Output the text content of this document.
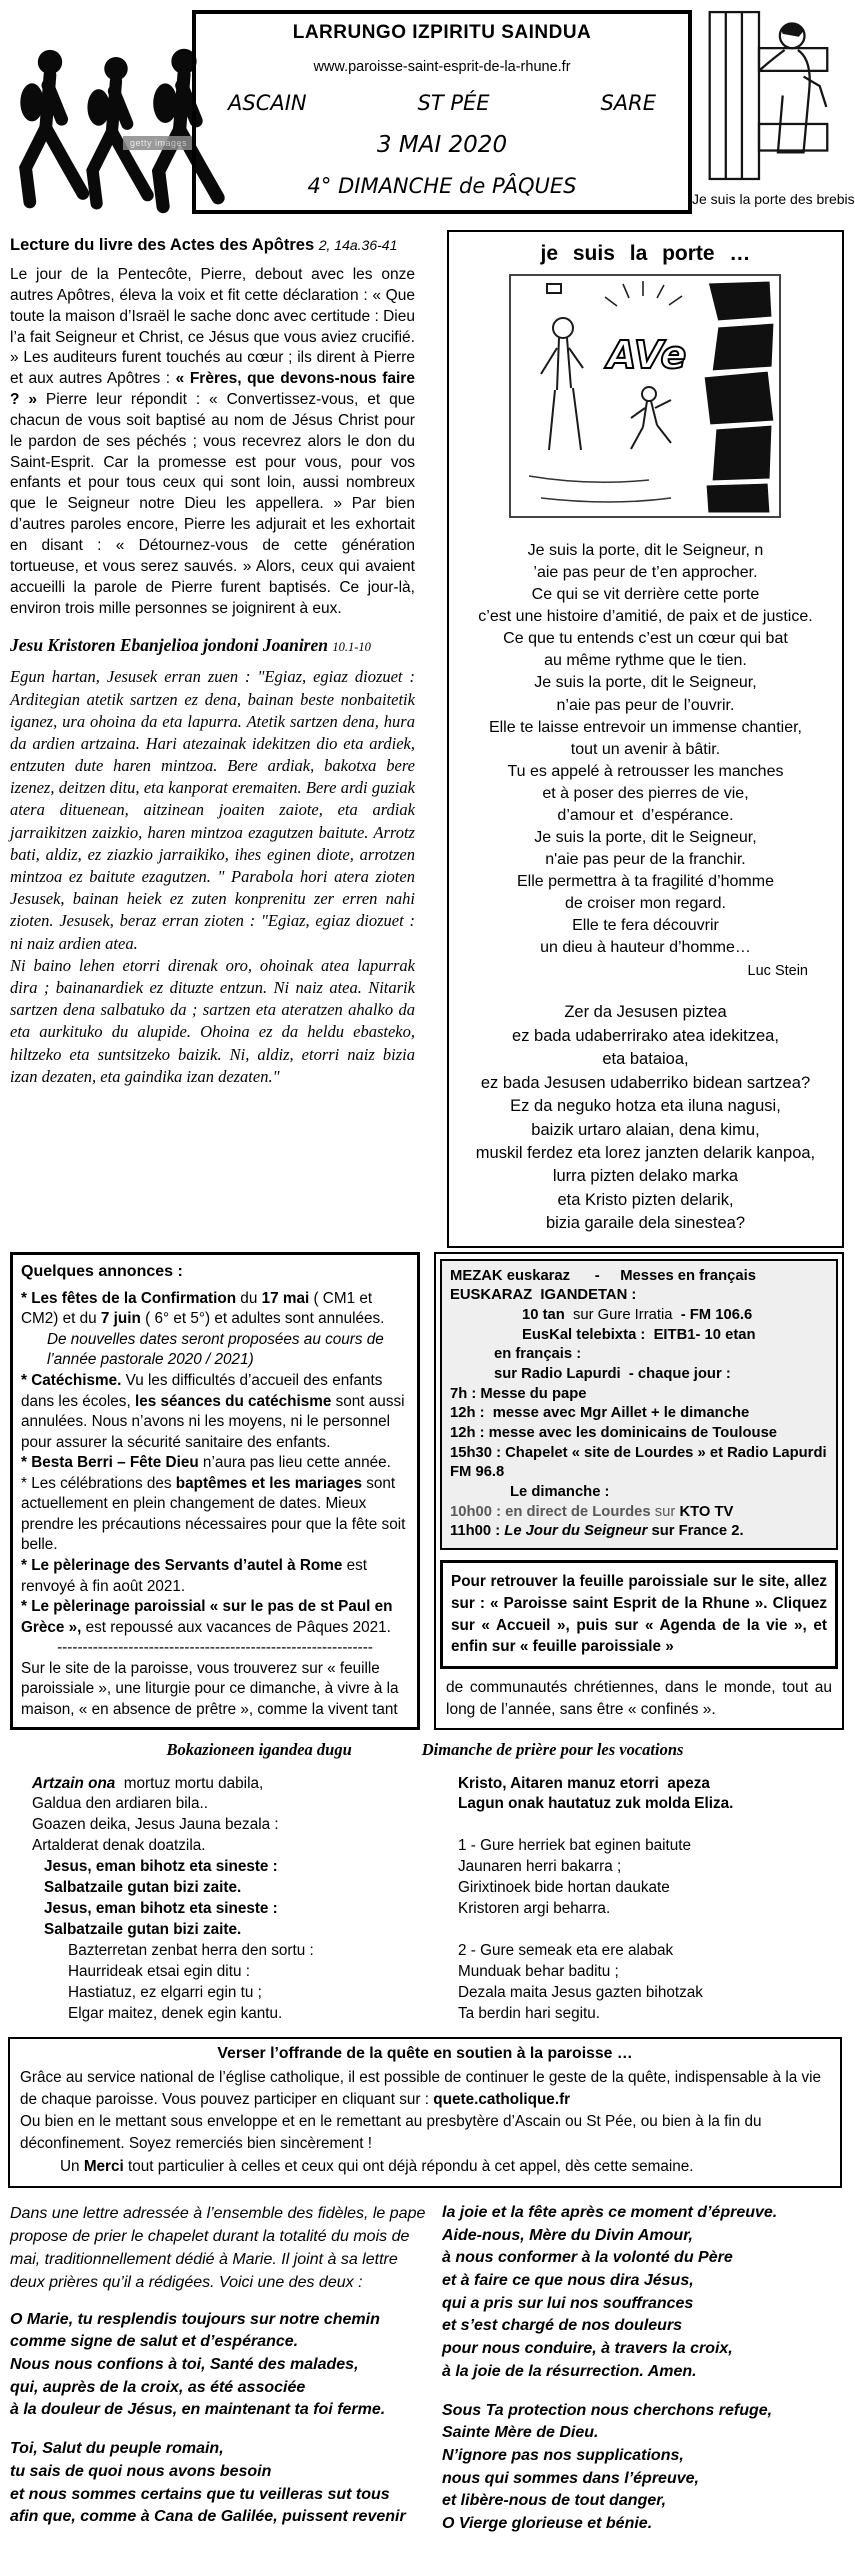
getty images
LARRUNGO IZPIRITU SAINDUA
www.paroisse-saint-esprit-de-la-rhune.fr
ASCAIN	ST PÉE	SARE
3 MAI 2020
4° DIMANCHE de PÂQUES
Je suis la porte des brebis
Lecture du livre des Actes des Apôtres 2, 14a.36-41

Le jour de la Pentecôte, Pierre, debout avec les onze autres Apôtres, éleva la voix et fit cette déclaration : « Que toute la maison d’Israël le sache donc avec certitude : Dieu l’a fait Seigneur et Christ, ce Jésus que vous aviez crucifié. » Les auditeurs furent touchés au cœur ; ils dirent à Pierre et aux autres Apôtres : « Frères, que devons-nous faire ? » Pierre leur répondit : « Convertissez-vous, et que chacun de vous soit baptisé au nom de Jésus Christ pour le pardon de ses péchés ; vous recevrez alors le don du Saint-Esprit. Car la promesse est pour vous, pour vos enfants et pour tous ceux qui sont loin, aussi nombreux que le Seigneur notre Dieu les appellera. » Par bien d’autres paroles encore, Pierre les adjurait et les exhortait en disant : « Détournez-vous de cette génération tortueuse, et vous serez sauvés. » Alors, ceux qui avaient accueilli la parole de Pierre furent baptisés. Ce jour-là, environ trois mille personnes se joignirent à eux.

Jesu Kristoren Ebanjelioa jondoni Joaniren 10.1-10

Egun hartan, Jesusek erran zuen : "Egiaz, egiaz diozuet : Arditegian atetik sartzen ez dena, bainan beste nonbaitetik iganez, ura ohoina da eta lapurra. Atetik sartzen dena, hura da ardien artzaina. Hari atezainak idekitzen dio eta ardiek, entzuten dute haren mintzoa. Bere ardiak, bakotxa bere izenez, deitzen ditu, eta kanporat eremaiten. Bere ardi guziak atera dituenean, aitzinean joaiten zaiote, eta ardiak jarraikitzen zaizkio, haren mintzoa ezagutzen baitute. Arrotz bati, aldiz, ez ziazkio jarraikiko, ihes eginen diote, arrotzen mintzoa ez baitute ezagutzen. " Parabola hori atera zioten Jesusek, bainan heiek ez zuten konprenitu zer erren nahi zioten. Jesusek, beraz erran zioten : "Egiaz, egiaz diozuet : ni naiz ardien atea.

Ni baino lehen etorri direnak oro, ohoinak atea lapurrak dira ; bainanardiek ez dituzte entzun. Ni naiz atea. Nitarik sartzen dena salbatuko da ; sartzen eta ateratzen ahalko da eta aurkituko du alupide. Ohoina ez da heldu ebasteko, hiltzeko eta suntsitzeko baizik. Ni, aldiz, etorri naiz bizia izan dezaten, eta gaindika izan dezaten."

je suis la porte …
AVe
Je suis la porte, dit le Seigneur, n
’aie pas peur de t’en approcher.
Ce qui se vit derrière cette porte
c’est une histoire d’amitié, de paix et de justice.
Ce que tu entends c’est un cœur qui bat
au même rythme que le tien.
Je suis la porte, dit le Seigneur,
n’aie pas peur de l’ouvrir.
Elle te laisse entrevoir un immense chantier,
tout un avenir à bâtir.
Tu es appelé à retrousser les manches
et à poser des pierres de vie,
d’amour et  d’espérance.
Je suis la porte, dit le Seigneur,
n'aie pas peur de la franchir.
Elle permettra à ta fragilité d’homme
de croiser mon regard.
Elle te fera découvrir
un dieu à hauteur d’homme…
Luc Stein
Zer da Jesusen piztea
ez bada udaberrirako atea idekitzea,
eta bataioa,
ez bada Jesusen udaberriko bidean sartzea?
Ez da neguko hotza eta iluna nagusi,
baizik urtaro alaian, dena kimu,
muskil ferdez eta lorez janzten delarik kanpoa,
lurra pizten delako marka
eta Kristo pizten delarik,
bizia garaile dela sinestea?
Quelques annonces :
* Les fêtes de la Confirmation du 17 mai ( CM1 et CM2) et du 7 juin ( 6° et 5°) et adultes sont annulées.
De nouvelles dates seront proposées au cours de l’année pastorale 2020 / 2021)
* Catéchisme. Vu les difficultés d’accueil des enfants dans les écoles, les séances du catéchisme sont aussi annulées. Nous n’avons ni les moyens, ni le personnel pour assurer la sécurité sanitaire des enfants.
* Besta Berri – Fête Dieu n’aura pas lieu cette année.
* Les célébrations des baptêmes et les mariages sont actuellement en plein changement de dates. Mieux prendre les précautions nécessaires pour que la fête soit belle.
* Le pèlerinage des Servants d’autel à Rome est renvoyé à fin août 2021.
* Le pèlerinage paroissial « sur le pas de st Paul en Grèce », est repoussé aux vacances de Pâques 2021.
--------------------------------------------------------------
Sur le site de la paroisse, vous trouverez sur « feuille paroissiale », une liturgie pour ce dimanche, à vivre à la maison, « en absence de prêtre », comme la vivent tant
MEZAK euskaraz      -     Messes en français
EUSKARAZ  IGANDETAN :
10 tan  sur Gure Irratia  - FM 106.6
EusKal telebixta :  EITB1- 10 etan
en français :
sur Radio Lapurdi  - chaque jour :
7h : Messe du pape
12h :  messe avec Mgr Aillet + le dimanche
12h : messe avec les dominicains de Toulouse
15h30 : Chapelet « site de Lourdes » et Radio Lapurdi FM 96.8
Le dimanche :
10h00 : en direct de Lourdes sur KTO TV
11h00 : Le Jour du Seigneur sur France 2.
Pour retrouver la feuille paroissiale sur le site, allez sur : « Paroisse saint Esprit de la Rhune ». Cliquez sur « Accueil », puis sur « Agenda de la vie », et enfin sur « feuille paroissiale »

de communautés chrétiennes, dans le monde, tout au long de l’année, sans être « confinés ».

Bokazioneen igandea dugu	Dimanche de prière pour les vocations
Artzain ona  mortuz mortu dabila,
Galdua den ardiaren bila..
Goazen deika, Jesus Jauna bezala :
Artalderat denak doatzila.
Jesus, eman bihotz eta sineste :
Salbatzaile gutan bizi zaite.
Jesus, eman bihotz eta sineste :
Salbatzaile gutan bizi zaite.
Bazterretan zenbat herra den sortu :
Haurrideak etsai egin ditu :
Hastiatuz, ez elgarri egin tu ;
Elgar maitez, denek egin kantu.
Kristo, Aitaren manuz etorri  apeza
Lagun onak hautatuz zuk molda Eliza.

1 - Gure herriek bat eginen baitute
Jaunaren herri bakarra ;
Girixtinoek bide hortan daukate
Kristoren argi beharra.

2 - Gure semeak eta ere alabak
Munduak behar baditu ;
Dezala maita Jesus gazten bihotzak
Ta berdin hari segitu.
Verser l’offrande de la quête en soutien à la paroisse …

Grâce au service national de l’église catholique, il est possible de continuer le geste de la quête, indispensable à la vie de chaque paroisse. Vous pouvez participer en cliquant sur : quete.catholique.fr

Ou bien en le mettant sous enveloppe et en le remettant au presbytère d’Ascain ou St Pée, ou bien à la fin du déconfinement. Soyez remerciés bien sincèrement !

Un Merci tout particulier à celles et ceux qui ont déjà répondu à cet appel, dès cette semaine.

Dans une lettre adressée à l’ensemble des fidèles, le pape propose de prier le chapelet durant la totalité du mois de mai, traditionnellement dédié à Marie. Il joint à sa lettre deux prières qu’il a rédigées. Voici une des deux :

O Marie, tu resplendis toujours sur notre chemin
comme signe de salut et d’espérance.
Nous nous confions à toi, Santé des malades,
qui, auprès de la croix, as été associée
à la douleur de Jésus, en maintenant ta foi ferme.
Toi, Salut du peuple romain,
tu sais de quoi nous avons besoin
et nous sommes certains que tu veilleras sut tous
afin que, comme à Cana de Galilée, puissent revenir
la joie et la fête après ce moment d’épreuve.
Aide-nous, Mère du Divin Amour,
à nous conformer à la volonté du Père
et à faire ce que nous dira Jésus,
qui a pris sur lui nos souffrances
et s’est chargé de nos douleurs
pour nous conduire, à travers la croix,
à la joie de la résurrection. Amen.
Sous Ta protection nous cherchons refuge,
Sainte Mère de Dieu.
N’ignore pas nos supplications,
nous qui sommes dans l’épreuve,
et libère-nous de tout danger,
O Vierge glorieuse et bénie.
